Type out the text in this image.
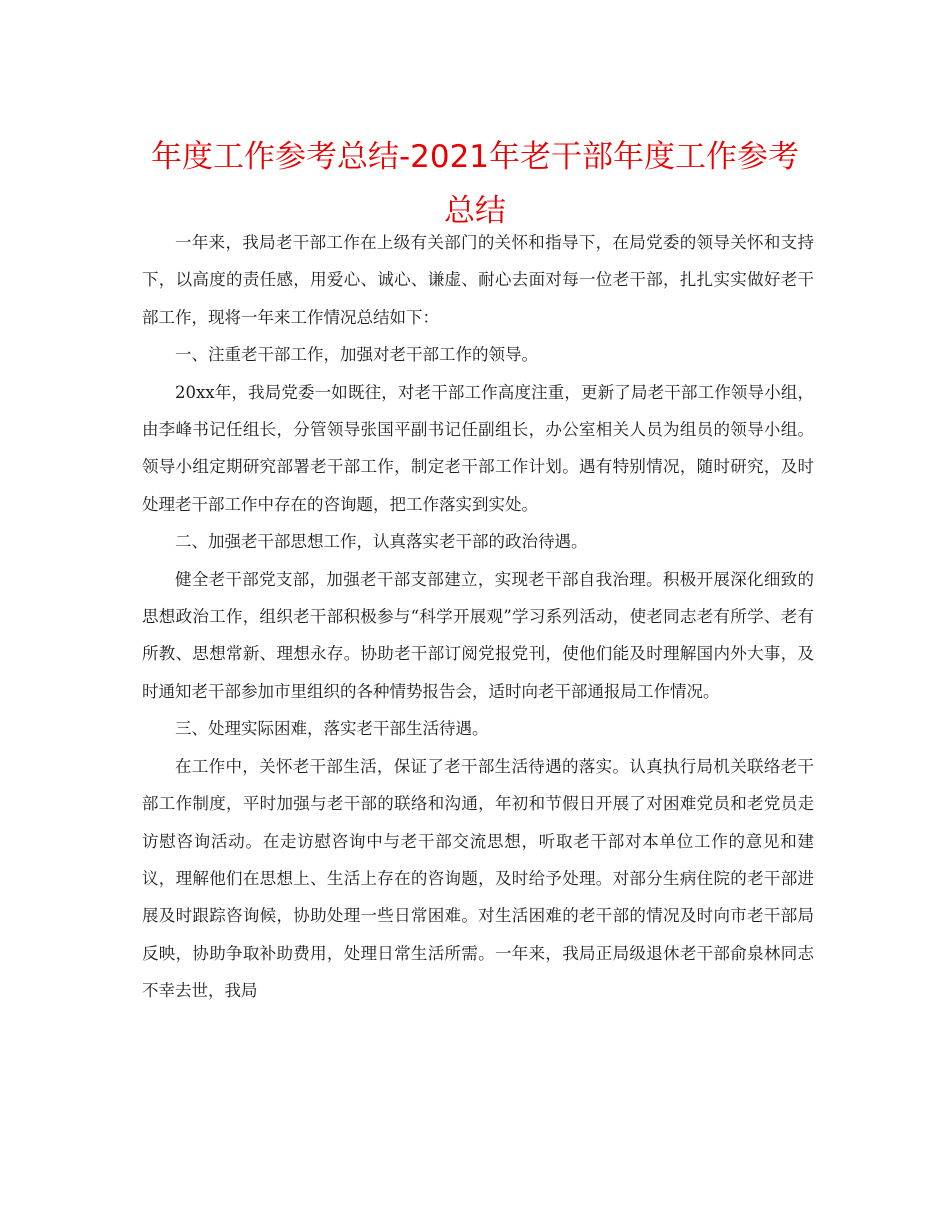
年度工作参考总结-2021年老干部年度工作参考
总结

一年来，我局老干部工作在上级有关部门的关怀和指导下，在局党委的领导关怀和支持下，以高度的责任感，用爱心、诚心、谦虚、耐心去面对每一位老干部，扎扎实实做好老干部工作，现将一年来工作情况总结如下：

一、注重老干部工作，加强对老干部工作的领导。

20xx年，我局党委一如既往，对老干部工作高度注重，更新了局老干部工作领导小组，由李峰书记任组长，分管领导张国平副书记任副组长，办公室相关人员为组员的领导小组。领导小组定期研究部署老干部工作，制定老干部工作计划。遇有特别情况，随时研究，及时处理老干部工作中存在的咨询题，把工作落实到实处。

二、加强老干部思想工作，认真落实老干部的政治待遇。

健全老干部党支部，加强老干部支部建立，实现老干部自我治理。积极开展深化细致的思想政治工作，组织老干部积极参与“科学开展观”学习系列活动，使老同志老有所学、老有所教、思想常新、理想永存。协助老干部订阅党报党刊，使他们能及时理解国内外大事，及时通知老干部参加市里组织的各种情势报告会，适时向老干部通报局工作情况。

三、处理实际困难，落实老干部生活待遇。

在工作中，关怀老干部生活，保证了老干部生活待遇的落实。认真执行局机关联络老干部工作制度，平时加强与老干部的联络和沟通，年初和节假日开展了对困难党员和老党员走访慰咨询活动。在走访慰咨询中与老干部交流思想，听取老干部对本单位工作的意见和建议，理解他们在思想上、生活上存在的咨询题，及时给予处理。对部分生病住院的老干部进展及时跟踪咨询候，协助处理一些日常困难。对生活困难的老干部的情况及时向市老干部局反映，协助争取补助费用，处理日常生活所需。一年来，我局正局级退休老干部俞泉林同志不幸去世，我局
